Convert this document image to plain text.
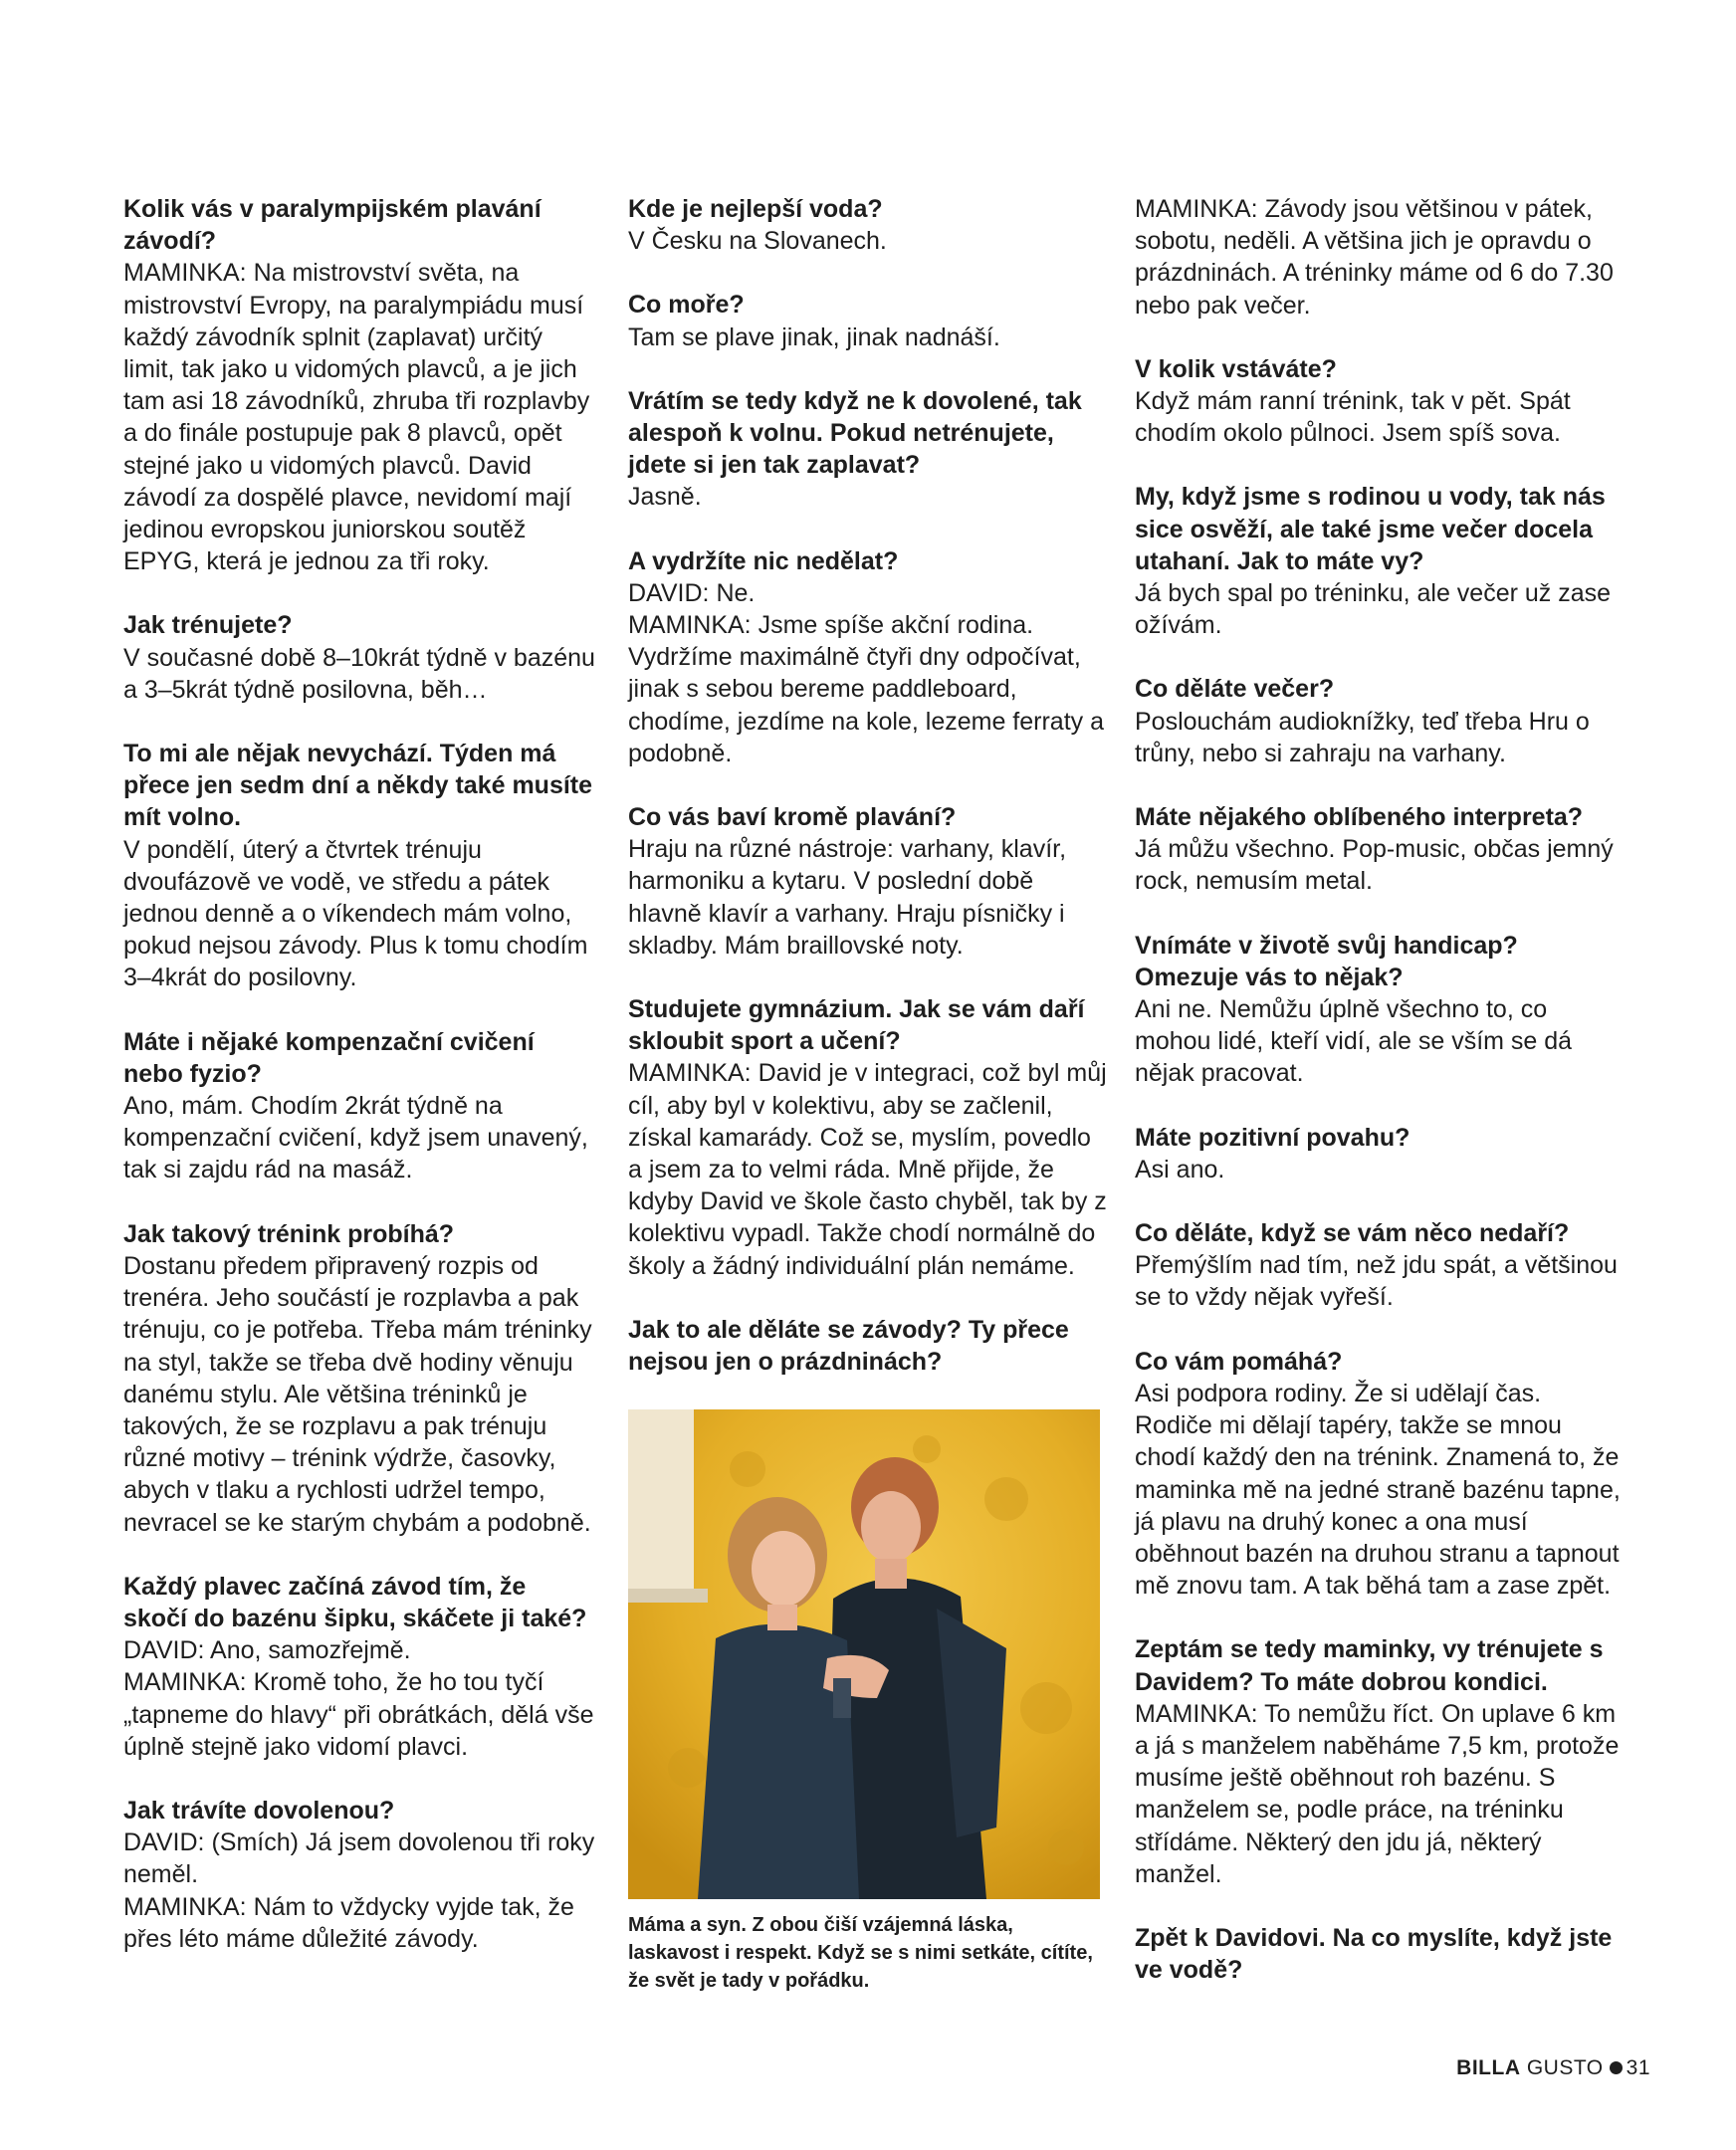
Kolik vás v paralympijském plavání závodí?
MAMINKA: Na mistrovství světa, na mistrovství Evropy, na paralympiádu musí každý závodník splnit (zaplavat) určitý limit, tak jako u vidomých plavců, a je jich tam asi 18 závodníků, zhruba tři rozplavby a do finále postupuje pak 8 plavců, opět stejné jako u vidomých plavců. David závodí za dospělé plavce, nevidomí mají jedinou evropskou juniorskou soutěž EPYG, která je jednou za tři roky.
Jak trénujete?
V současné době 8–10krát týdně v bazénu a 3–5krát týdně posilovna, běh…
To mi ale nějak nevychází. Týden má přece jen sedm dní a někdy také musíte mít volno.
V pondělí, úterý a čtvrtek trénuju dvoufázově ve vodě, ve středu a pátek jednou denně a o víkendech mám volno, pokud nejsou závody. Plus k tomu chodím 3–4krát do posilovny.
Máte i nějaké kompenzační cvičení nebo fyzio?
Ano, mám. Chodím 2krát týdně na kompenzační cvičení, když jsem unavený, tak si zajdu rád na masáž.
Jak takový trénink probíhá?
Dostanu předem připravený rozpis od trenéra. Jeho součástí je rozplavba a pak trénuju, co je potřeba. Třeba mám tréninky na styl, takže se třeba dvě hodiny věnuju danému stylu. Ale většina tréninků je takových, že se rozplavu a pak trénuju různé motivy – trénink výdrže, časovky, abych v tlaku a rychlosti udržel tempo, nevracel se ke starým chybám a podobně.
Každý plavec začíná závod tím, že skočí do bazénu šipku, skáčete ji také?
DAVID: Ano, samozřejmě.
MAMINKA: Kromě toho, že ho tou tyčí „tapneme do hlavy“ při obrátkách, dělá vše úplně stejně jako vidomí plavci.
Jak trávíte dovolenou?
DAVID: (Smích) Já jsem dovolenou tři roky neměl.
MAMINKA: Nám to vždycky vyjde tak, že přes léto máme důležité závody.
Kde je nejlepší voda?
V Česku na Slovanech.
Co moře?
Tam se plave jinak, jinak nadnáší.
Vrátím se tedy když ne k dovolené, tak alespoň k volnu. Pokud netrénujete, jdete si jen tak zaplavat?
Jasně.
A vydržíte nic nedělat?
DAVID: Ne.
MAMINKA: Jsme spíše akční rodina. Vydržíme maximálně čtyři dny odpočívat, jinak s sebou bereme paddleboard, chodíme, jezdíme na kole, lezeme ferraty a podobně.
Co vás baví kromě plavání?
Hraju na různé nástroje: varhany, klavír, harmoniku a kytaru. V poslední době hlavně klavír a varhany. Hraju písničky i skladby. Mám braillovské noty.
Studujete gymnázium. Jak se vám daří skloubit sport a učení?
MAMINKA: David je v integraci, což byl můj cíl, aby byl v kolektivu, aby se začlenil, získal kamarády. Což se, myslím, povedlo a jsem za to velmi ráda. Mně přijde, že kdyby David ve škole často chyběl, tak by z kolektivu vypadl. Takže chodí normálně do školy a žádný individuální plán nemáme.
Jak to ale děláte se závody? Ty přece nejsou jen o prázdninách?
Máma a syn. Z obou čiší vzájemná láska, laskavost i respekt. Když se s nimi setkáte, cítíte, že svět je tady v pořádku.
MAMINKA: Závody jsou většinou v pátek, sobotu, neděli. A většina jich je opravdu o prázdninách. A tréninky máme od 6 do 7.30 nebo pak večer.
V kolik vstáváte?
Když mám ranní trénink, tak v pět. Spát chodím okolo půlnoci. Jsem spíš sova.
My, když jsme s rodinou u vody, tak nás sice osvěží, ale také jsme večer docela utahaní. Jak to máte vy?
Já bych spal po tréninku, ale večer už zase ožívám.
Co děláte večer?
Poslouchám audioknížky, teď třeba Hru o trůny, nebo si zahraju na varhany.
Máte nějakého oblíbeného interpreta?
Já můžu všechno. Pop-music, občas jemný rock, nemusím metal.
Vnímáte v životě svůj handicap? Omezuje vás to nějak?
Ani ne. Nemůžu úplně všechno to, co mohou lidé, kteří vidí, ale se vším se dá nějak pracovat.
Máte pozitivní povahu?
Asi ano.
Co děláte, když se vám něco nedaří?
Přemýšlím nad tím, než jdu spát, a většinou se to vždy nějak vyřeší.
Co vám pomáhá?
Asi podpora rodiny. Že si udělají čas. Rodiče mi dělají tapéry, takže se mnou chodí každý den na trénink. Znamená to, že maminka mě na jedné straně bazénu tapne, já plavu na druhý konec a ona musí oběhnout bazén na druhou stranu a tapnout mě znovu tam. A tak běhá tam a zase zpět.
Zeptám se tedy maminky, vy trénujete s Davidem? To máte dobrou kondici.
MAMINKA: To nemůžu říct. On uplave 6 km a já s manželem naběháme 7,5 km, protože musíme ještě oběhnout roh bazénu. S manželem se, podle práce, na tréninku střídáme. Některý den jdu já, některý manžel.
Zpět k Davidovi. Na co myslíte, když jste ve vodě?
BILLA GUSTO 31
